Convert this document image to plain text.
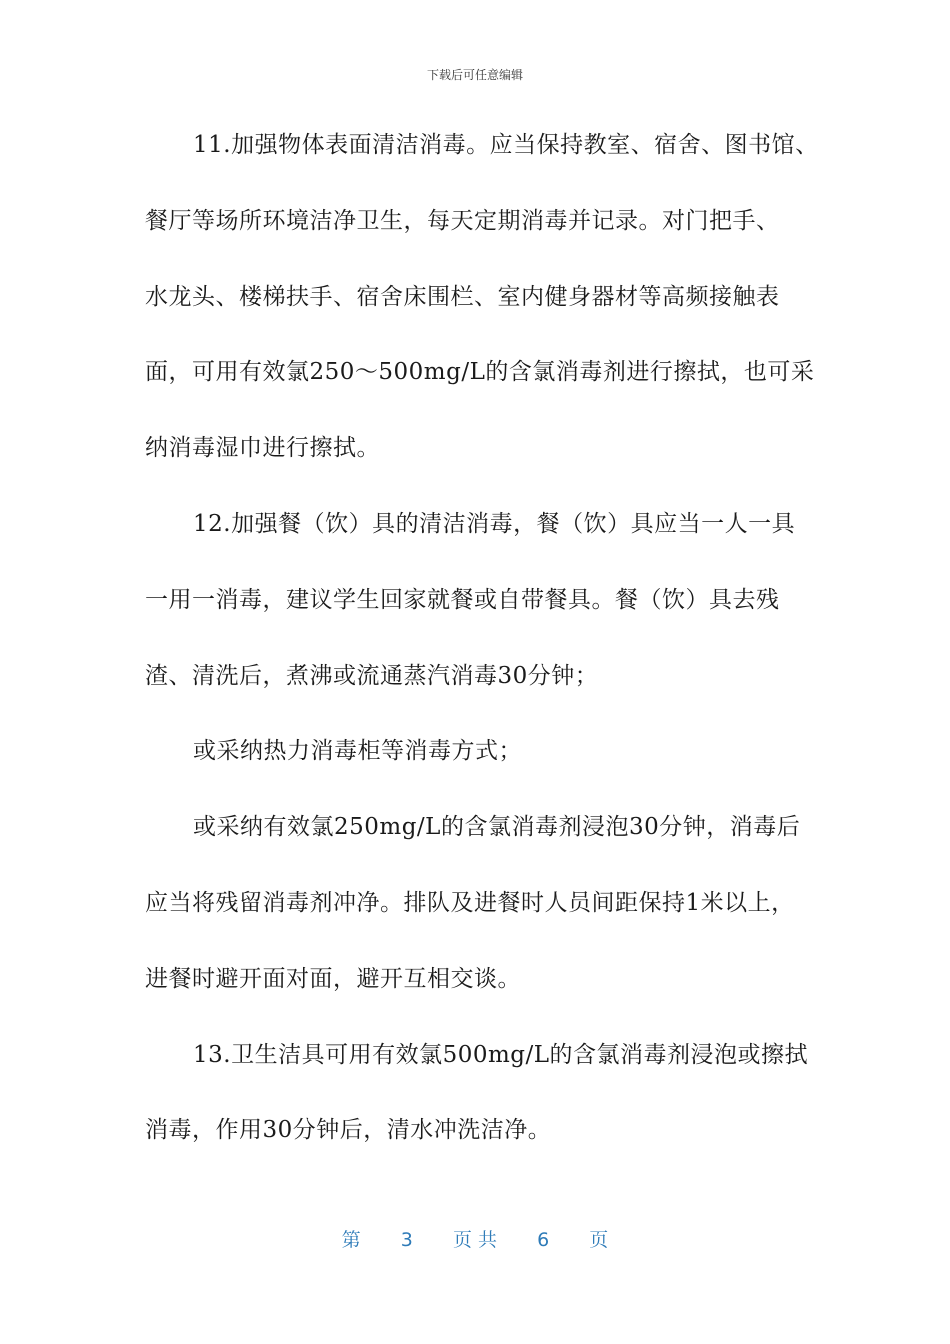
下载后可任意编辑
11.加强物体表面清洁消毒。应当保持教室、宿舍、图书馆、
餐厅等场所环境洁净卫生，每天定期消毒并记录。对门把手、
水龙头、楼梯扶手、宿舍床围栏、室内健身器材等高频接触表
面，可用有效氯250～500mg/L的含氯消毒剂进行擦拭，也可采
纳消毒湿巾进行擦拭。
12.加强餐（饮）具的清洁消毒，餐（饮）具应当一人一具
一用一消毒，建议学生回家就餐或自带餐具。餐（饮）具去残
渣、清洗后，煮沸或流通蒸汽消毒30分钟；
或采纳热力消毒柜等消毒方式；
或采纳有效氯250mg/L的含氯消毒剂浸泡30分钟，消毒后
应当将残留消毒剂冲净。排队及进餐时人员间距保持1米以上，
进餐时避开面对面，避开互相交谈。
13.卫生洁具可用有效氯500mg/L的含氯消毒剂浸泡或擦拭
消毒，作用30分钟后，清水冲洗洁净。
第 3 页 共 6 页
